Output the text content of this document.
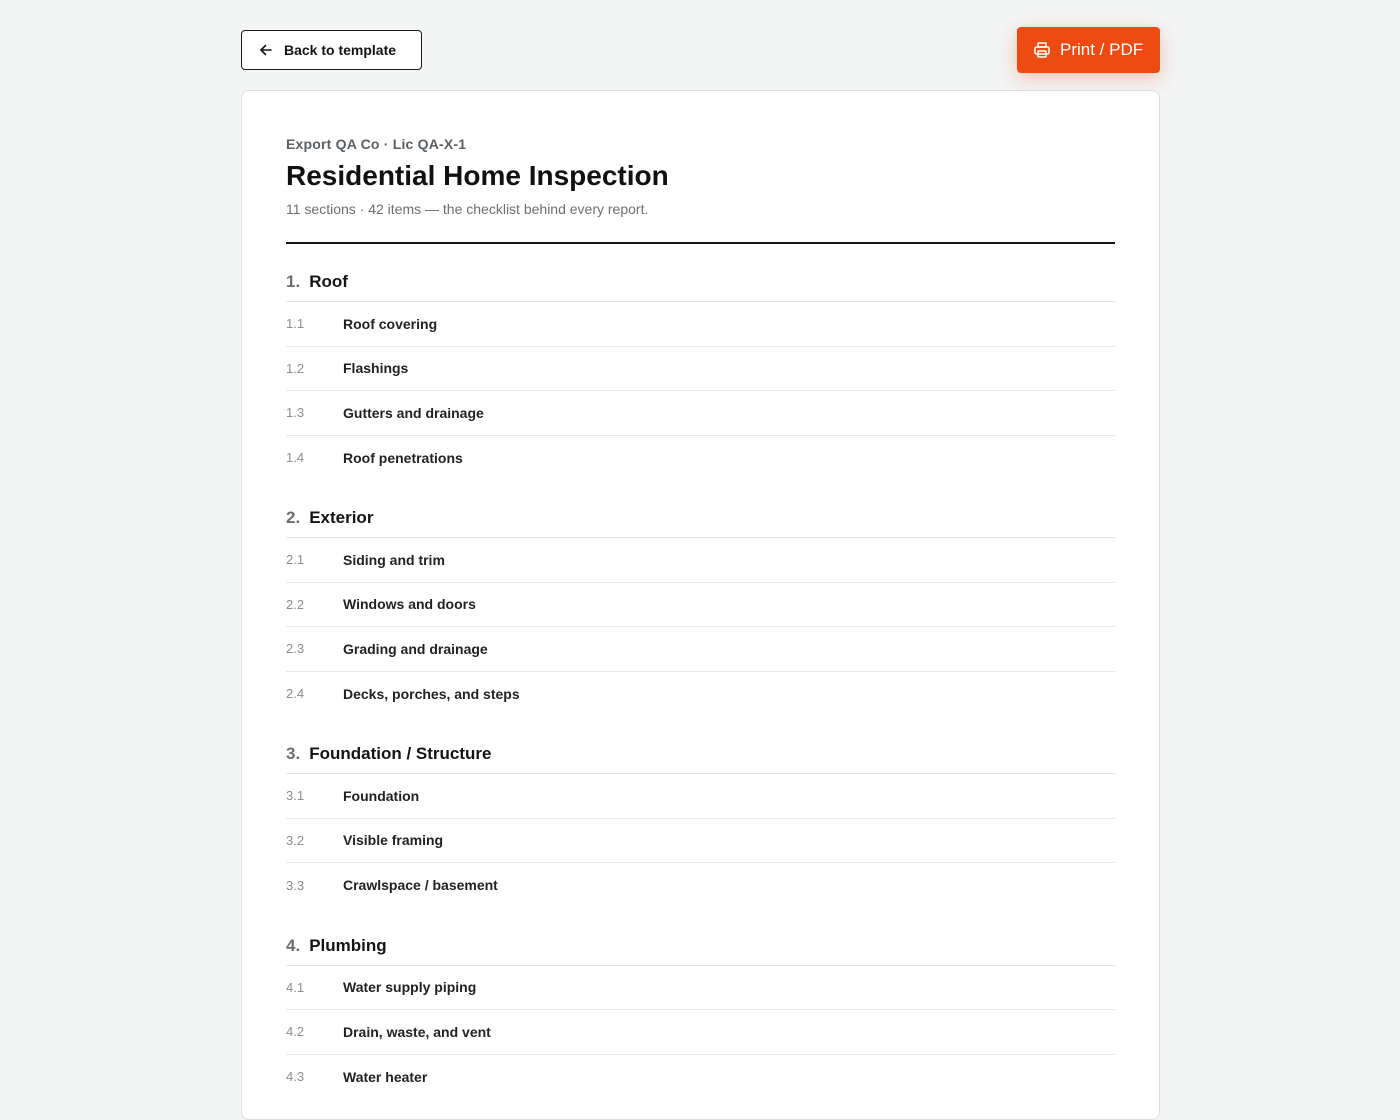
Back to template	Print / PDF
Export QA Co · Lic QA-X-1
Residential Home Inspection
11 sections · 42 items — the checklist behind every report.
1. Roof
1.1	Roof covering
1.2	Flashings
1.3	Gutters and drainage
1.4	Roof penetrations
2. Exterior
2.1	Siding and trim
2.2	Windows and doors
2.3	Grading and drainage
2.4	Decks, porches, and steps
3. Foundation / Structure
3.1	Foundation
3.2	Visible framing
3.3	Crawlspace / basement
4. Plumbing
4.1	Water supply piping
4.2	Drain, waste, and vent
4.3	Water heater
